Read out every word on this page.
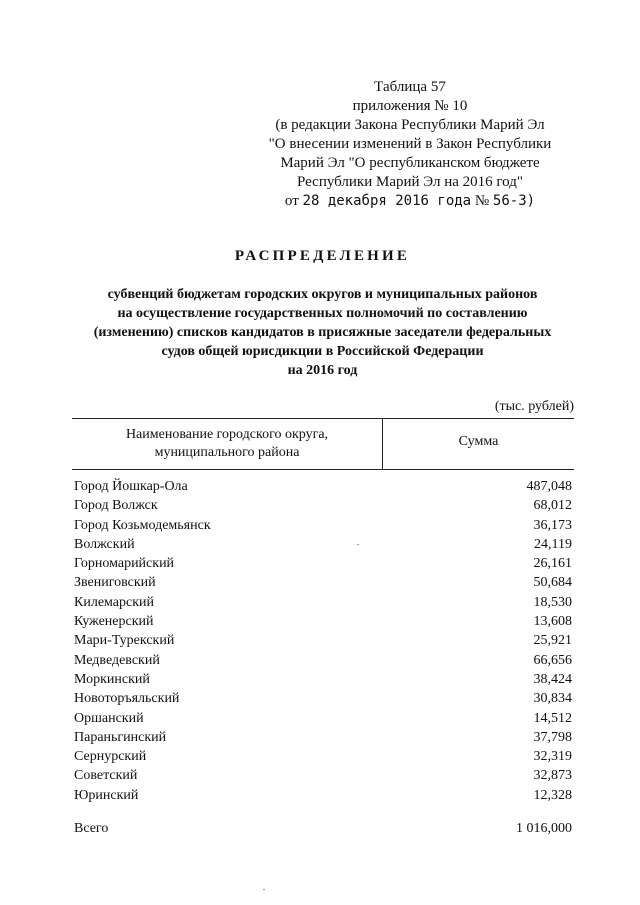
Таблица 57
приложения № 10
(в редакции Закона Республики Марий Эл
"О внесении изменений в Закон Республики
Марий Эл "О республиканском бюджете
Республики Марий Эл на 2016 год"
от 28 декабря 2016 года № 56-З)
РАСПРЕДЕЛЕНИЕ
субвенций бюджетам городских округов и муниципальных районов
на осуществление государственных полномочий по составлению
(изменению) списков кандидатов в присяжные заседатели федеральных
судов общей юрисдикции в Российской Федерации
на 2016 год
(тыс. рублей)
Наименование городского округа,
муниципального района
Сумма
Город Йошкар-Ола	487,048
Город Волжск	68,012
Город Козьмодемьянск	36,173
Волжский	24,119
Горномарийский	26,161
Звениговский	50,684
Килемарский	18,530
Куженерский	13,608
Мари-Турекский	25,921
Медведевский	66,656
Моркинский	38,424
Новоторъяльский	30,834
Оршанский	14,512
Параньгинский	37,798
Сернурский	32,319
Советский	32,873
Юринский	12,328
Всего	1 016,000
